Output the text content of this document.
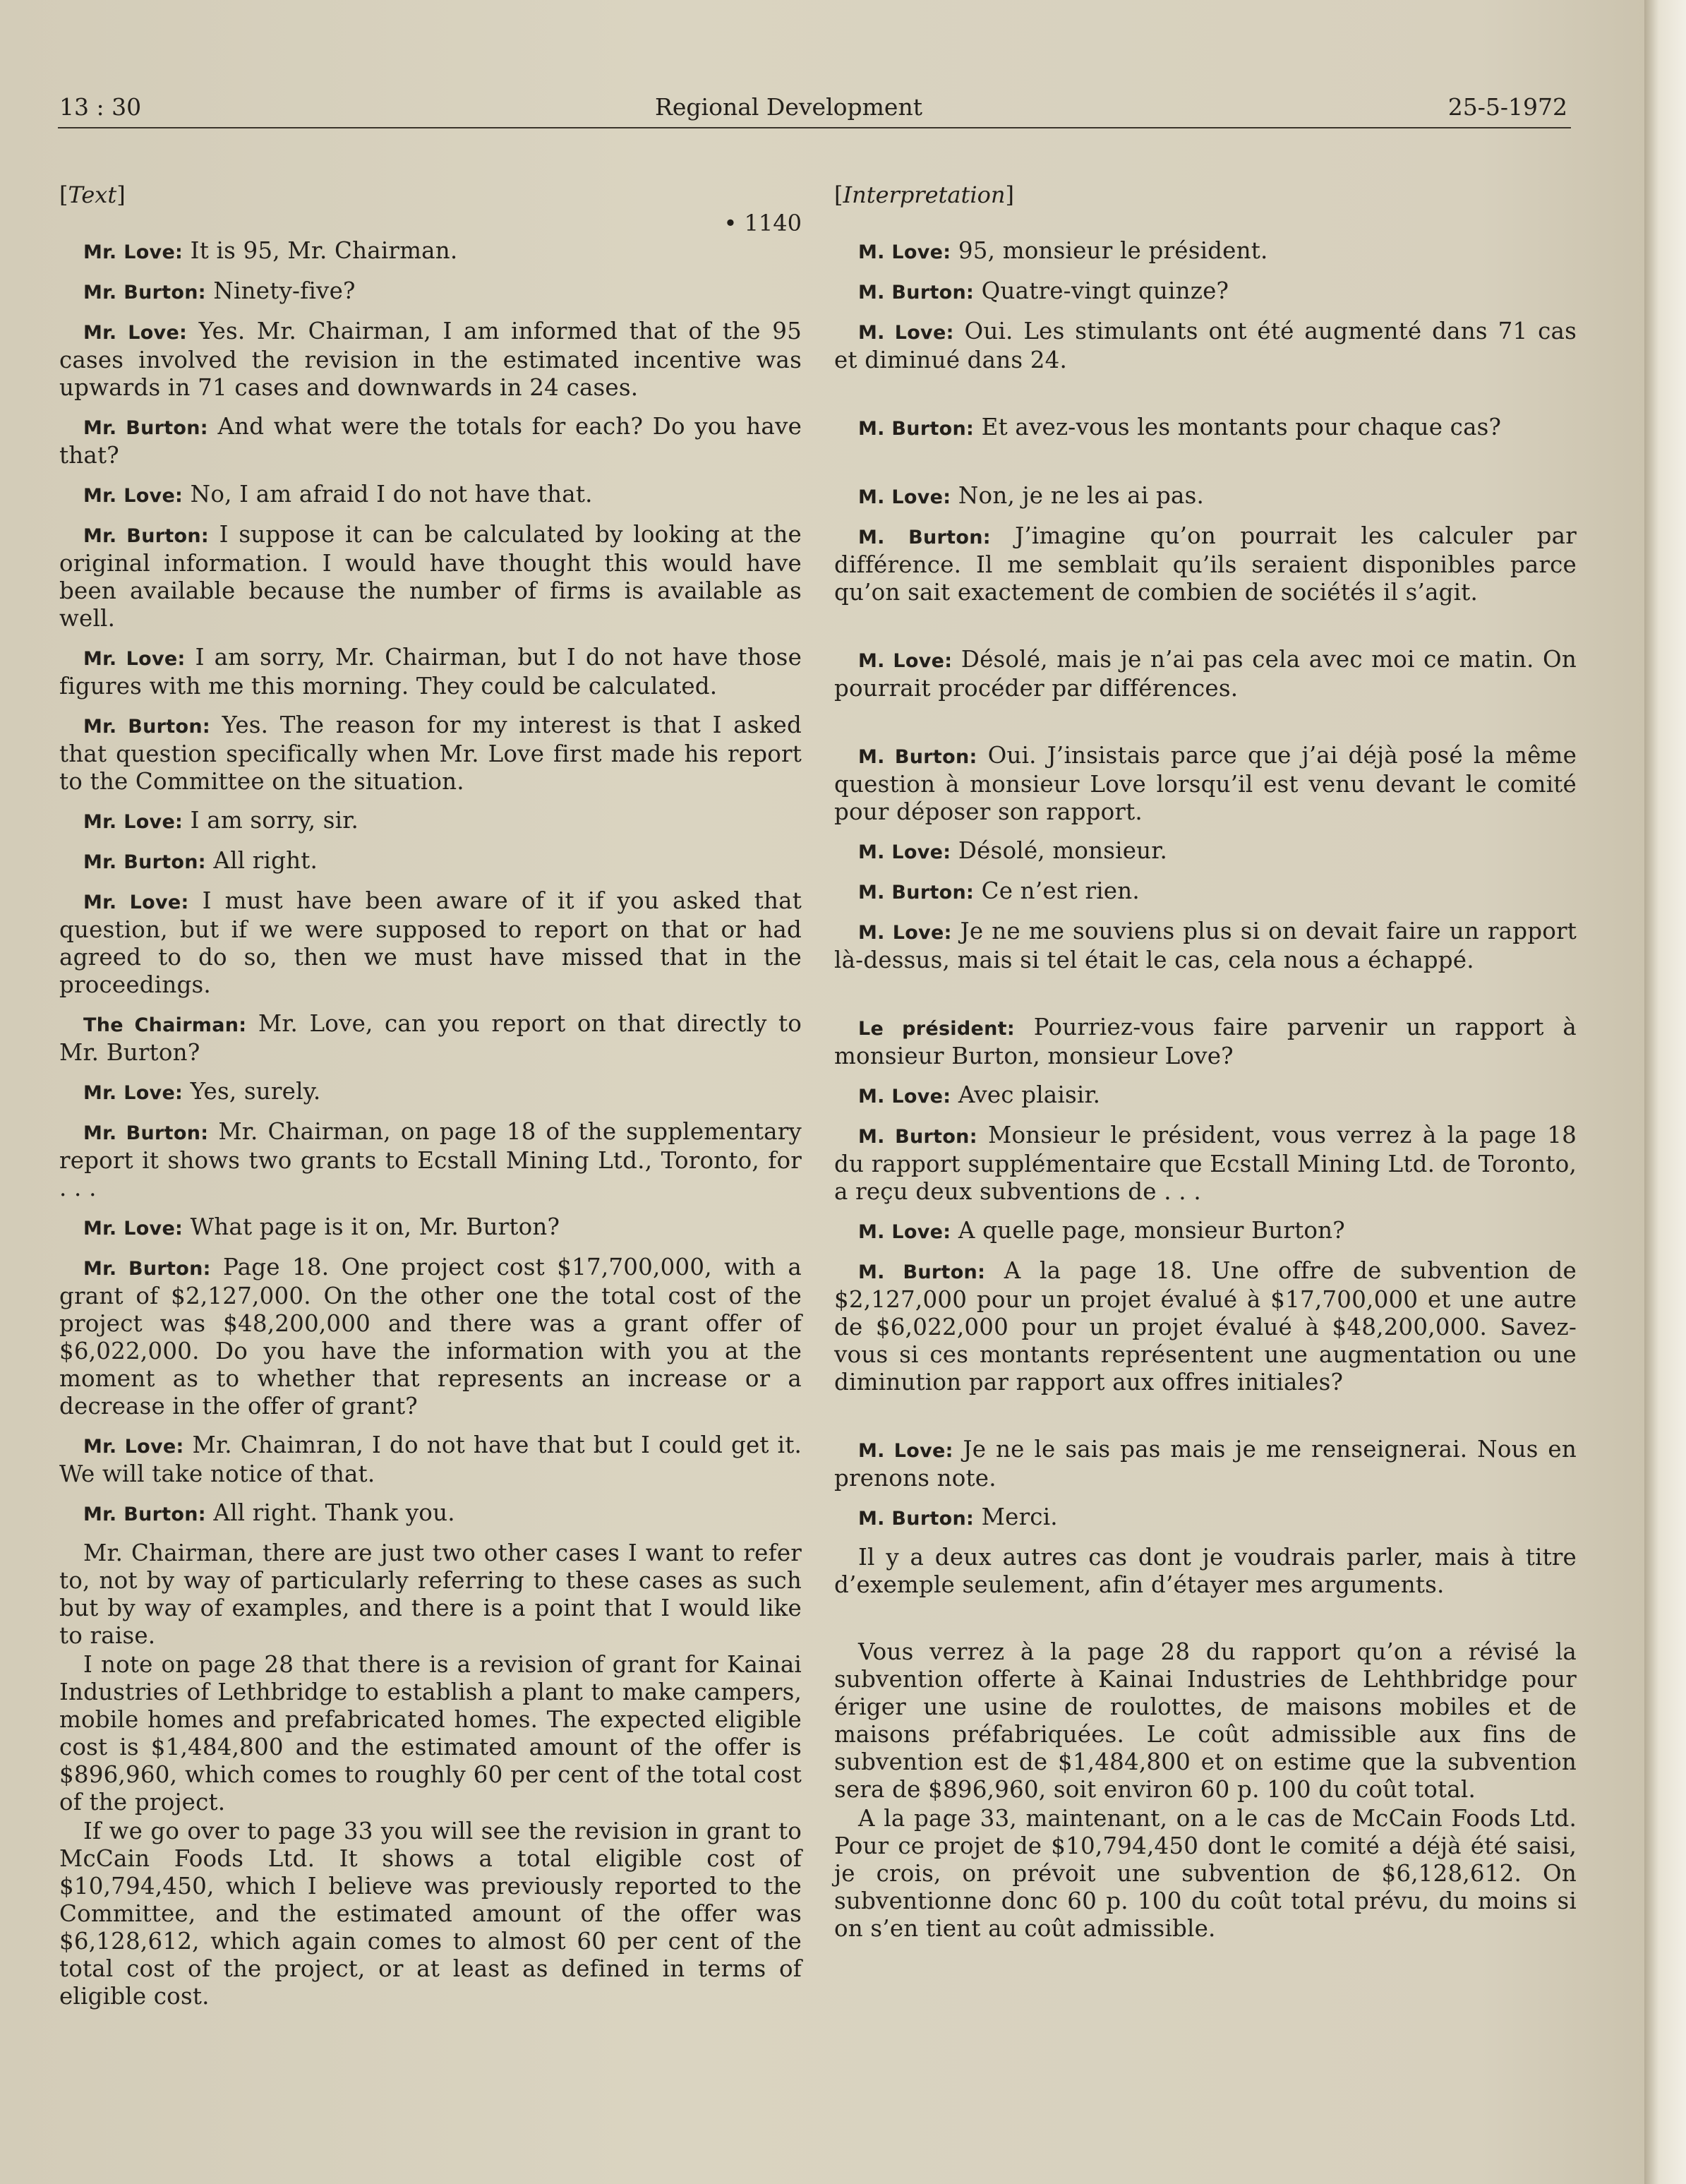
13 : 30	Regional Development	25-5-1972

[Text]

• 1140

Mr. Love: It is 95, Mr. Chairman.

Mr. Burton: Ninety-five?

Mr. Love: Yes. Mr. Chairman, I am informed that of the 95 cases involved the revision in the estimated incentive was upwards in 71 cases and downwards in 24 cases.

Mr. Burton: And what were the totals for each? Do you have that?

Mr. Love: No, I am afraid I do not have that.

Mr. Burton: I suppose it can be calculated by looking at the original information. I would have thought this would have been available because the number of firms is available as well.

Mr. Love: I am sorry, Mr. Chairman, but I do not have those figures with me this morning. They could be calculated.

Mr. Burton: Yes. The reason for my interest is that I asked that question specifically when Mr. Love first made his report to the Committee on the situation.

Mr. Love: I am sorry, sir.

Mr. Burton: All right.

Mr. Love: I must have been aware of it if you asked that question, but if we were supposed to report on that or had agreed to do so, then we must have missed that in the proceedings.

The Chairman: Mr. Love, can you report on that directly to Mr. Burton?

Mr. Love: Yes, surely.

Mr. Burton: Mr. Chairman, on page 18 of the supplementary report it shows two grants to Ecstall Mining Ltd., Toronto, for . . .

Mr. Love: What page is it on, Mr. Burton?

Mr. Burton: Page 18. One project cost $17,700,000, with a grant of $2,127,000. On the other one the total cost of the project was $48,200,000 and there was a grant offer of $6,022,000. Do you have the information with you at the moment as to whether that represents an increase or a decrease in the offer of grant?

Mr. Love: Mr. Chaimran, I do not have that but I could get it. We will take notice of that.

Mr. Burton: All right. Thank you.

Mr. Chairman, there are just two other cases I want to refer to, not by way of particularly referring to these cases as such but by way of examples, and there is a point that I would like to raise.

I note on page 28 that there is a revision of grant for Kainai Industries of Lethbridge to establish a plant to make campers, mobile homes and prefabricated homes. The expected eligible cost is $1,484,800 and the estimated amount of the offer is $896,960, which comes to roughly 60 per cent of the total cost of the project.

If we go over to page 33 you will see the revision in grant to McCain Foods Ltd. It shows a total eligible cost of $10,794,450, which I believe was previously reported to the Committee, and the estimated amount of the offer was $6,128,612, which again comes to almost 60 per cent of the total cost of the project, or at least as defined in terms of eligible cost.

[Interpretation]

M. Love: 95, monsieur le président.

M. Burton: Quatre-vingt quinze?

M. Love: Oui. Les stimulants ont été augmenté dans 71 cas et diminué dans 24.

M. Burton: Et avez-vous les montants pour chaque cas?

M. Love: Non, je ne les ai pas.

M. Burton: J’imagine qu’on pourrait les calculer par différence. Il me semblait qu’ils seraient disponibles parce qu’on sait exactement de combien de sociétés il s’agit.

M. Love: Désolé, mais je n’ai pas cela avec moi ce matin. On pourrait procéder par différences.

M. Burton: Oui. J’insistais parce que j’ai déjà posé la même question à monsieur Love lorsqu’il est venu devant le comité pour déposer son rapport.

M. Love: Désolé, monsieur.

M. Burton: Ce n’est rien.

M. Love: Je ne me souviens plus si on devait faire un rapport là-dessus, mais si tel était le cas, cela nous a échappé.

Le président: Pourriez-vous faire parvenir un rapport à monsieur Burton, monsieur Love?

M. Love: Avec plaisir.

M. Burton: Monsieur le président, vous verrez à la page 18 du rapport supplémentaire que Ecstall Mining Ltd. de Toronto, a reçu deux subventions de . . .

M. Love: A quelle page, monsieur Burton?

M. Burton: A la page 18. Une offre de subvention de $2,127,000 pour un projet évalué à $17,700,000 et une autre de $6,022,000 pour un projet évalué à $48,200,000. Savez-vous si ces montants représentent une augmentation ou une diminution par rapport aux offres initiales?

M. Love: Je ne le sais pas mais je me renseignerai. Nous en prenons note.

M. Burton: Merci.

Il y a deux autres cas dont je voudrais parler, mais à titre d’exemple seulement, afin d’étayer mes arguments.

Vous verrez à la page 28 du rapport qu’on a révisé la subvention offerte à Kainai Industries de Lehthbridge pour ériger une usine de roulottes, de maisons mobiles et de maisons préfabriquées. Le coût admissible aux fins de subvention est de $1,484,800 et on estime que la subvention sera de $896,960, soit environ 60 p. 100 du coût total.

A la page 33, maintenant, on a le cas de McCain Foods Ltd. Pour ce projet de $10,794,450 dont le comité a déjà été saisi, je crois, on prévoit une subvention de $6,128,612. On subventionne donc 60 p. 100 du coût total prévu, du moins si on s’en tient au coût admissible.
